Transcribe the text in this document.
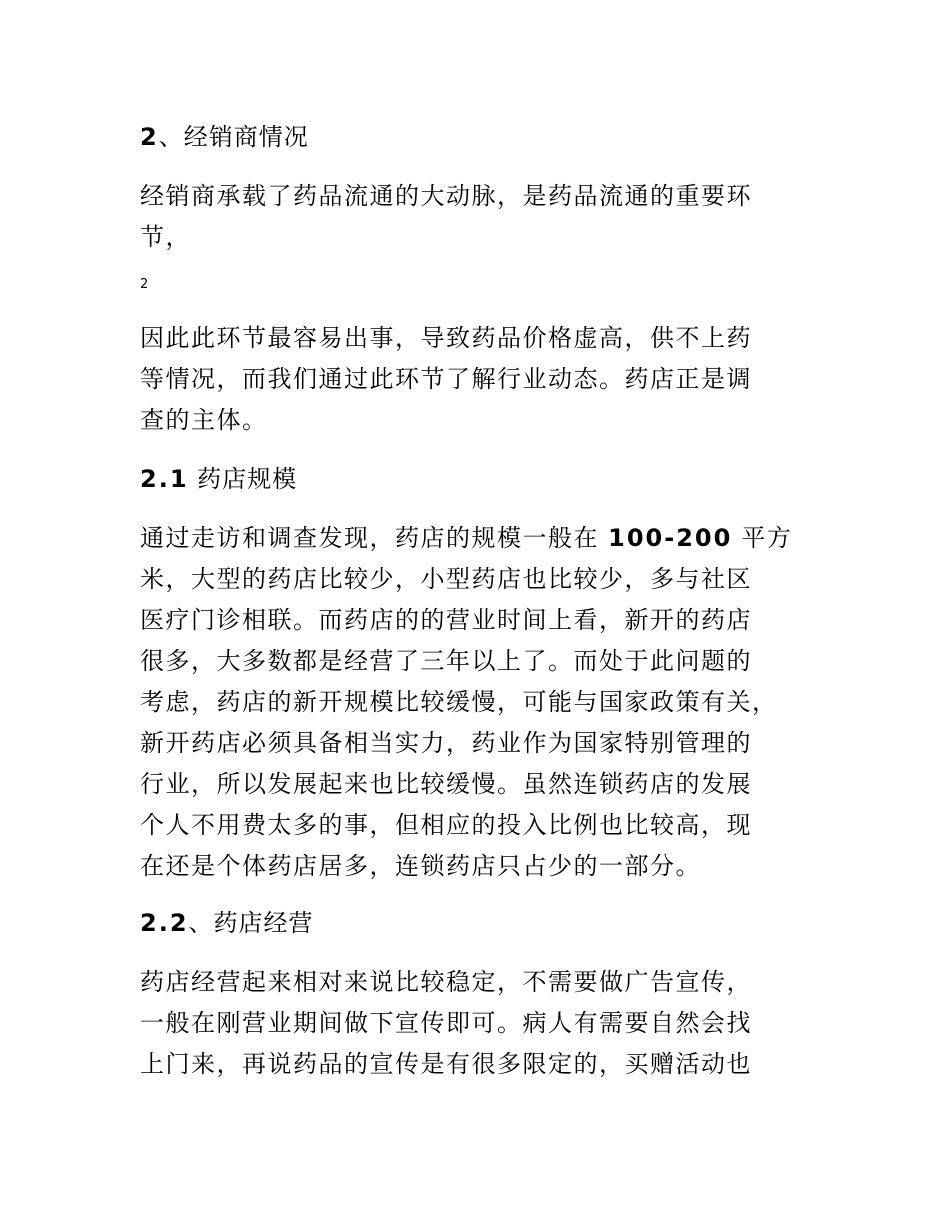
2、经销商情况

经销商承载了药品流通的大动脉，是药品流通的重要环
节，

2

因此此环节最容易出事，导致药品价格虚高，供不上药
等情况，而我们通过此环节了解行业动态。药店正是调
查的主体。

2.1 药店规模

通过走访和调查发现，药店的规模一般在 100-200 平方
米，大型的药店比较少，小型药店也比较少，多与社区
医疗门诊相联。而药店的的营业时间上看，新开的药店
很多，大多数都是经营了三年以上了。而处于此问题的
考虑，药店的新开规模比较缓慢，可能与国家政策有关，
新开药店必须具备相当实力，药业作为国家特别管理的
行业，所以发展起来也比较缓慢。虽然连锁药店的发展
个人不用费太多的事，但相应的投入比例也比较高，现
在还是个体药店居多，连锁药店只占少的一部分。

2.2、药店经营

药店经营起来相对来说比较稳定，不需要做广告宣传，
一般在刚营业期间做下宣传即可。病人有需要自然会找
上门来，再说药品的宣传是有很多限定的，买赠活动也
